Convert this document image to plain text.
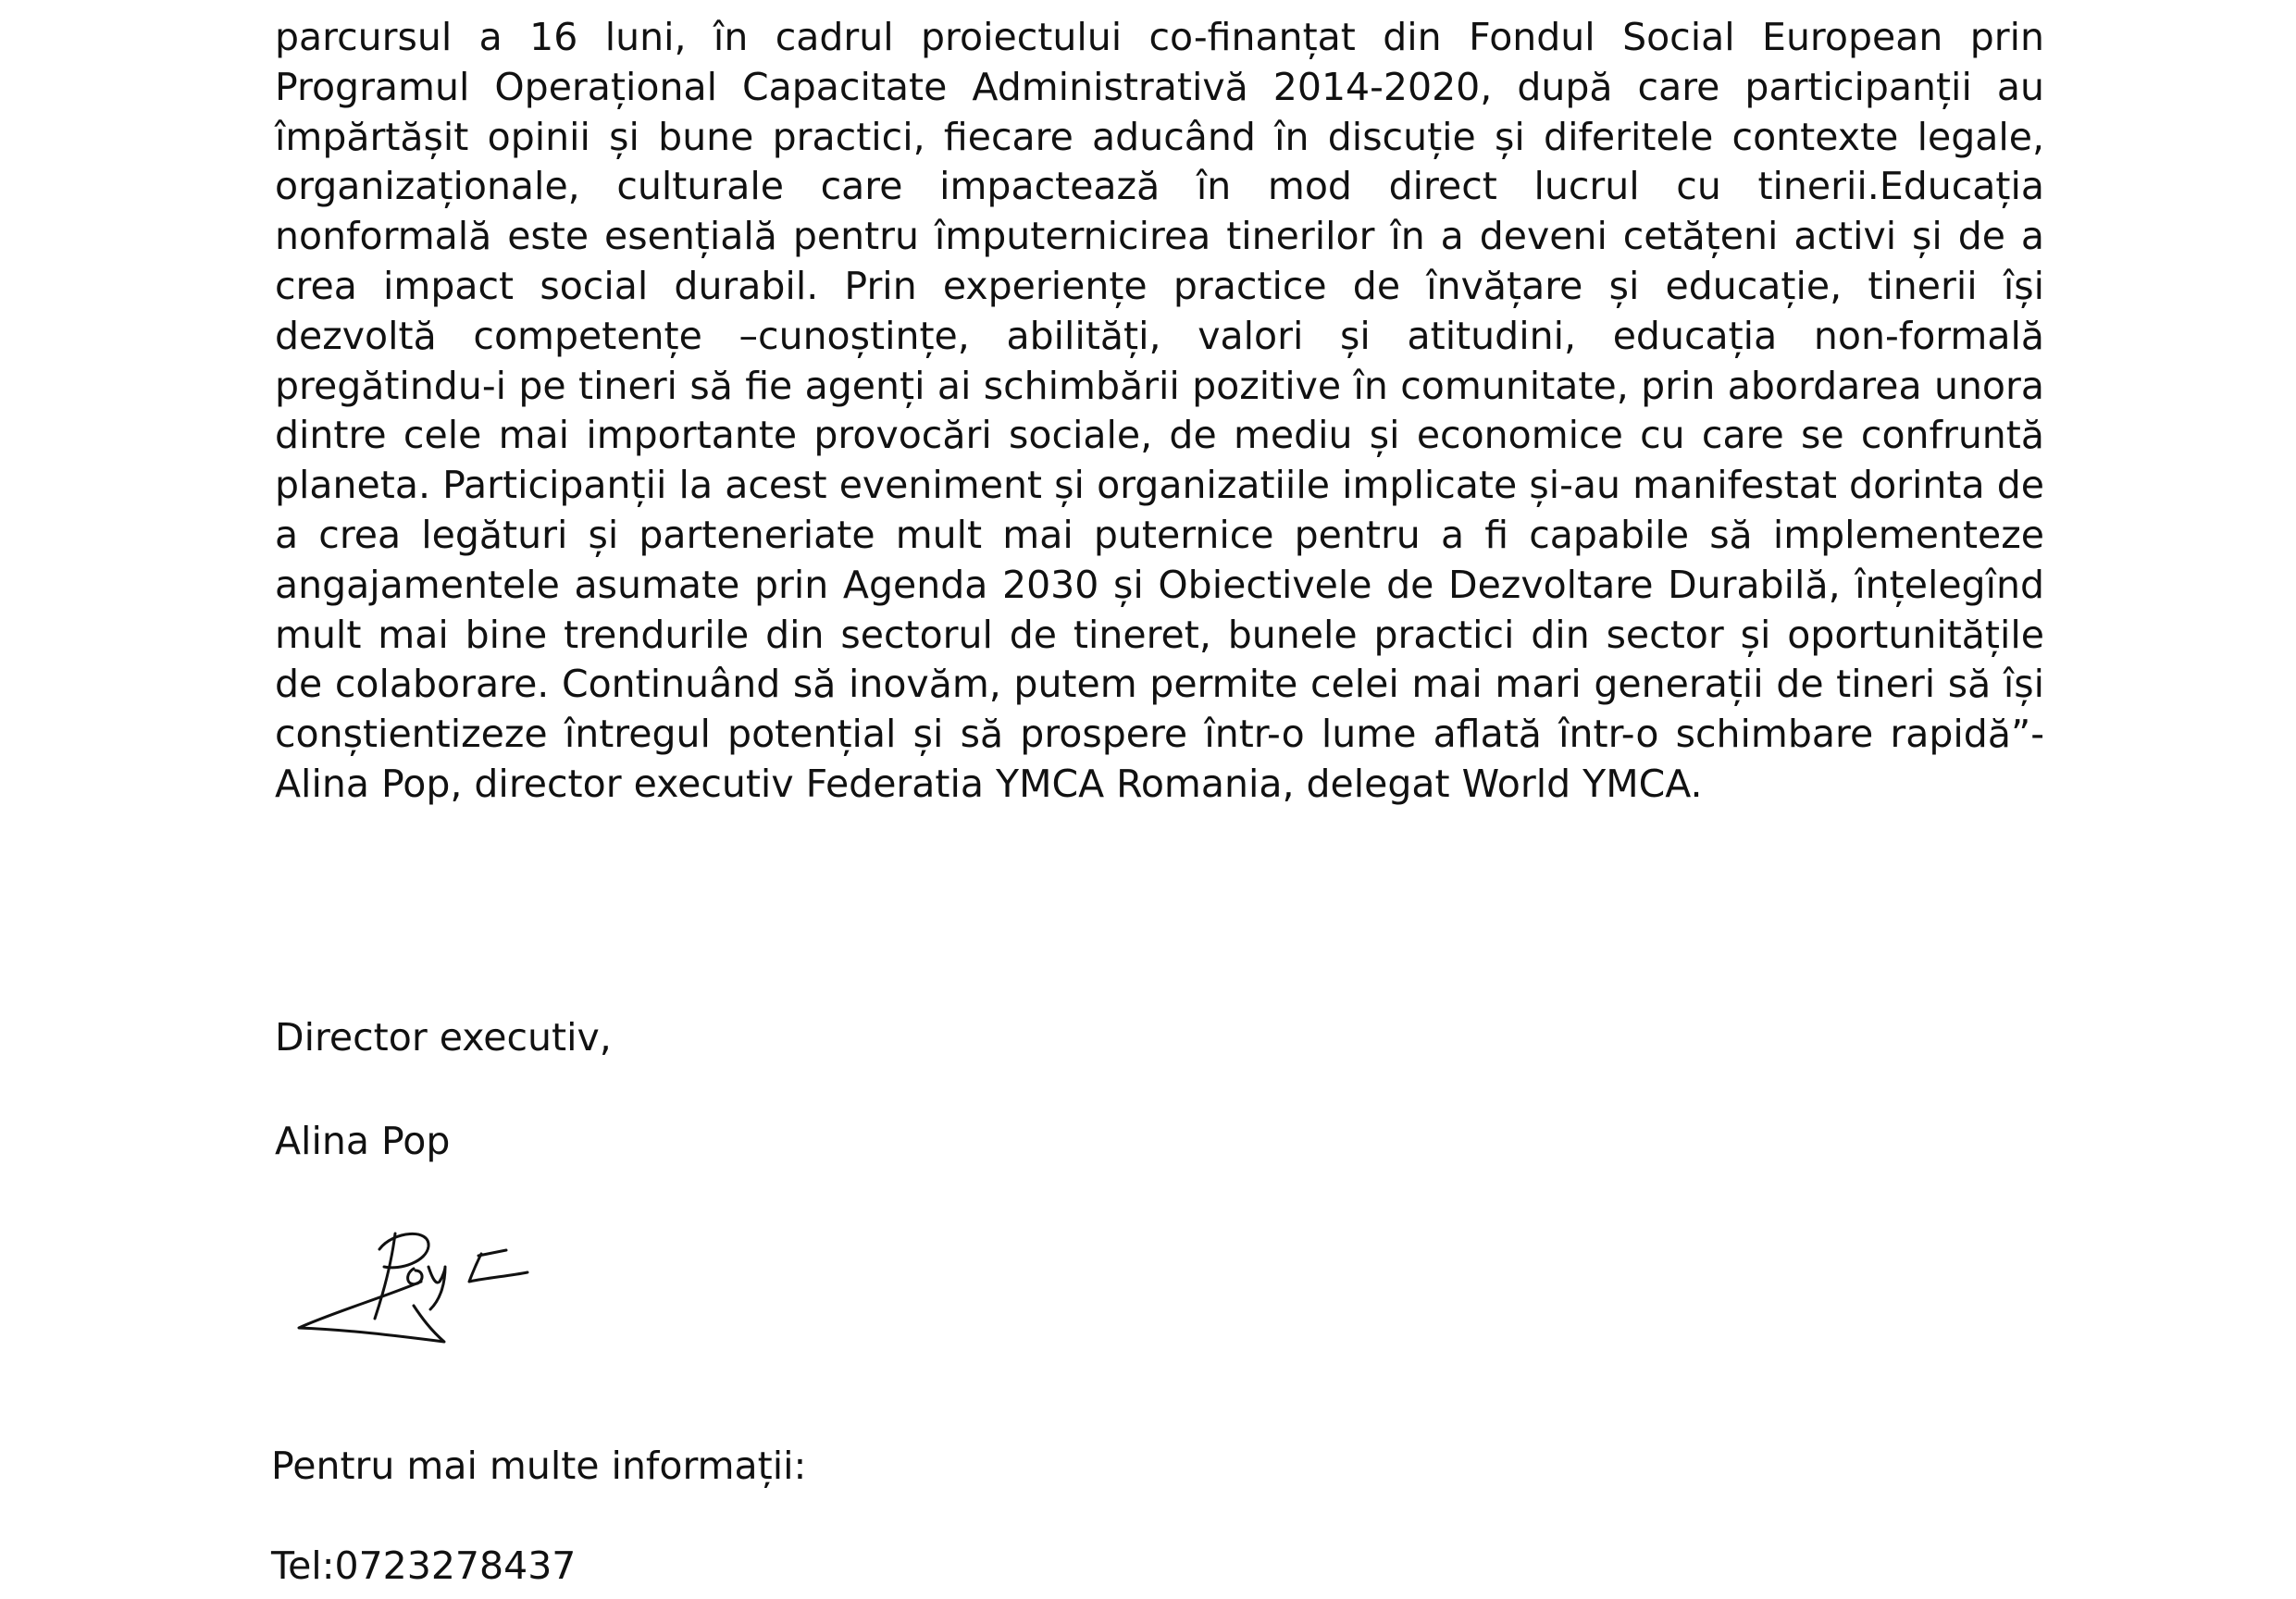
parcursul a 16 luni, în cadrul proiectului co-finanțat din Fondul Social European prin Programul Operațional Capacitate Administrativă 2014-2020, după care participanții au împărtășit opinii și bune practici, fiecare aducând în discuție și diferitele contexte legale, organizaționale, culturale care impactează în mod direct lucrul cu tinerii.Educația nonformală este esențială pentru împuternicirea tinerilor în a deveni cetățeni activi și de a crea impact social durabil. Prin experiențe practice de învățare și educație, tinerii își dezvoltă competențe –cunoștințe, abilități, valori și atitudini, educația non-formală pregătindu-i pe tineri să fie agenți ai schimbării pozitive în comunitate, prin abordarea unora dintre cele mai importante provocări sociale, de mediu și economice cu care se confruntă planeta. Participanții la acest eveniment și organizatiile implicate și-au manifestat dorinta de a crea legături și parteneriate mult mai puternice pentru a fi capabile să implementeze angajamentele asumate prin Agenda 2030 și Obiectivele de Dezvoltare Durabilă, înțelegînd mult mai bine trendurile din sectorul de tineret, bunele practici din sector și oportunitățile de colaborare. Continuând să inovăm, putem permite celei mai mari generații de tineri să își conștientizeze întregul potențial și să prospere într-o lume aflată într-o schimbare rapidă”- Alina Pop, director executiv Federatia YMCA Romania, delegat World YMCA.

Director executiv,

Alina Pop

Pentru mai multe informații:

Tel:0723278437
